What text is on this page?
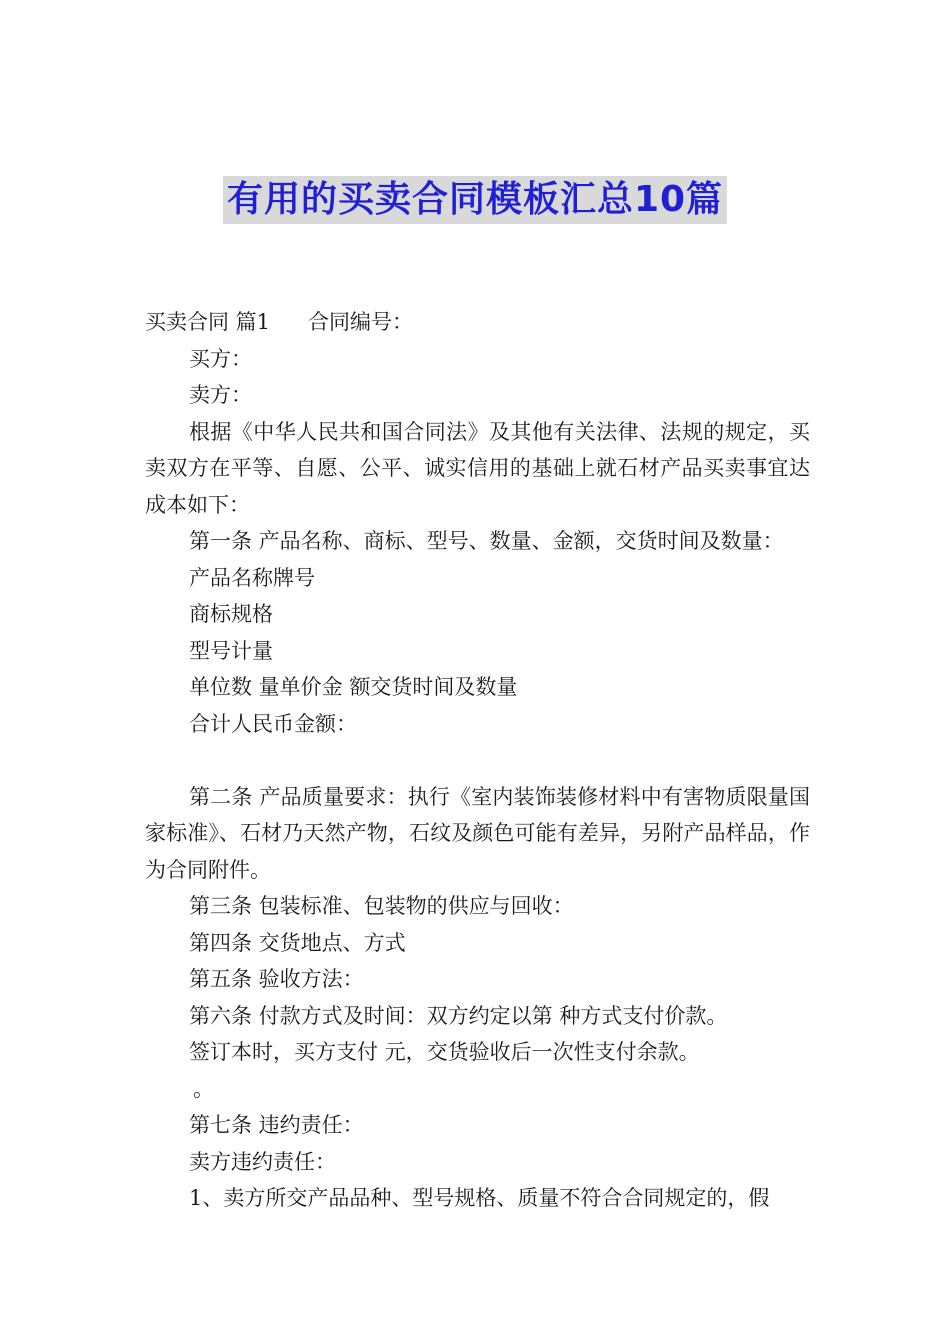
有用的买卖合同模板汇总10篇

买卖合同 篇1 合同编号：

买方：

卖方：

根据《中华人民共和国合同法》及其他有关法律、法规的规定，买卖双方在平等、自愿、公平、诚实信用的基础上就石材产品买卖事宜达成本如下：

第一条 产品名称、商标、型号、数量、金额，交货时间及数量：

产品名称牌号

商标规格

型号计量

单位数 量单价金 额交货时间及数量

合计人民币金额：

第二条 产品质量要求：执行《室内装饰装修材料中有害物质限量国家标准》、石材乃天然产物，石纹及颜色可能有差异，另附产品样品，作为合同附件。

第三条 包装标准、包装物的供应与回收：

第四条 交货地点、方式

第五条 验收方法：

第六条 付款方式及时间：双方约定以第 种方式支付价款。

签订本时，买方支付 元，交货验收后一次性支付余款。

。

第七条 违约责任：

卖方违约责任：

1、卖方所交产品品种、型号规格、质量不符合合同规定的，假
